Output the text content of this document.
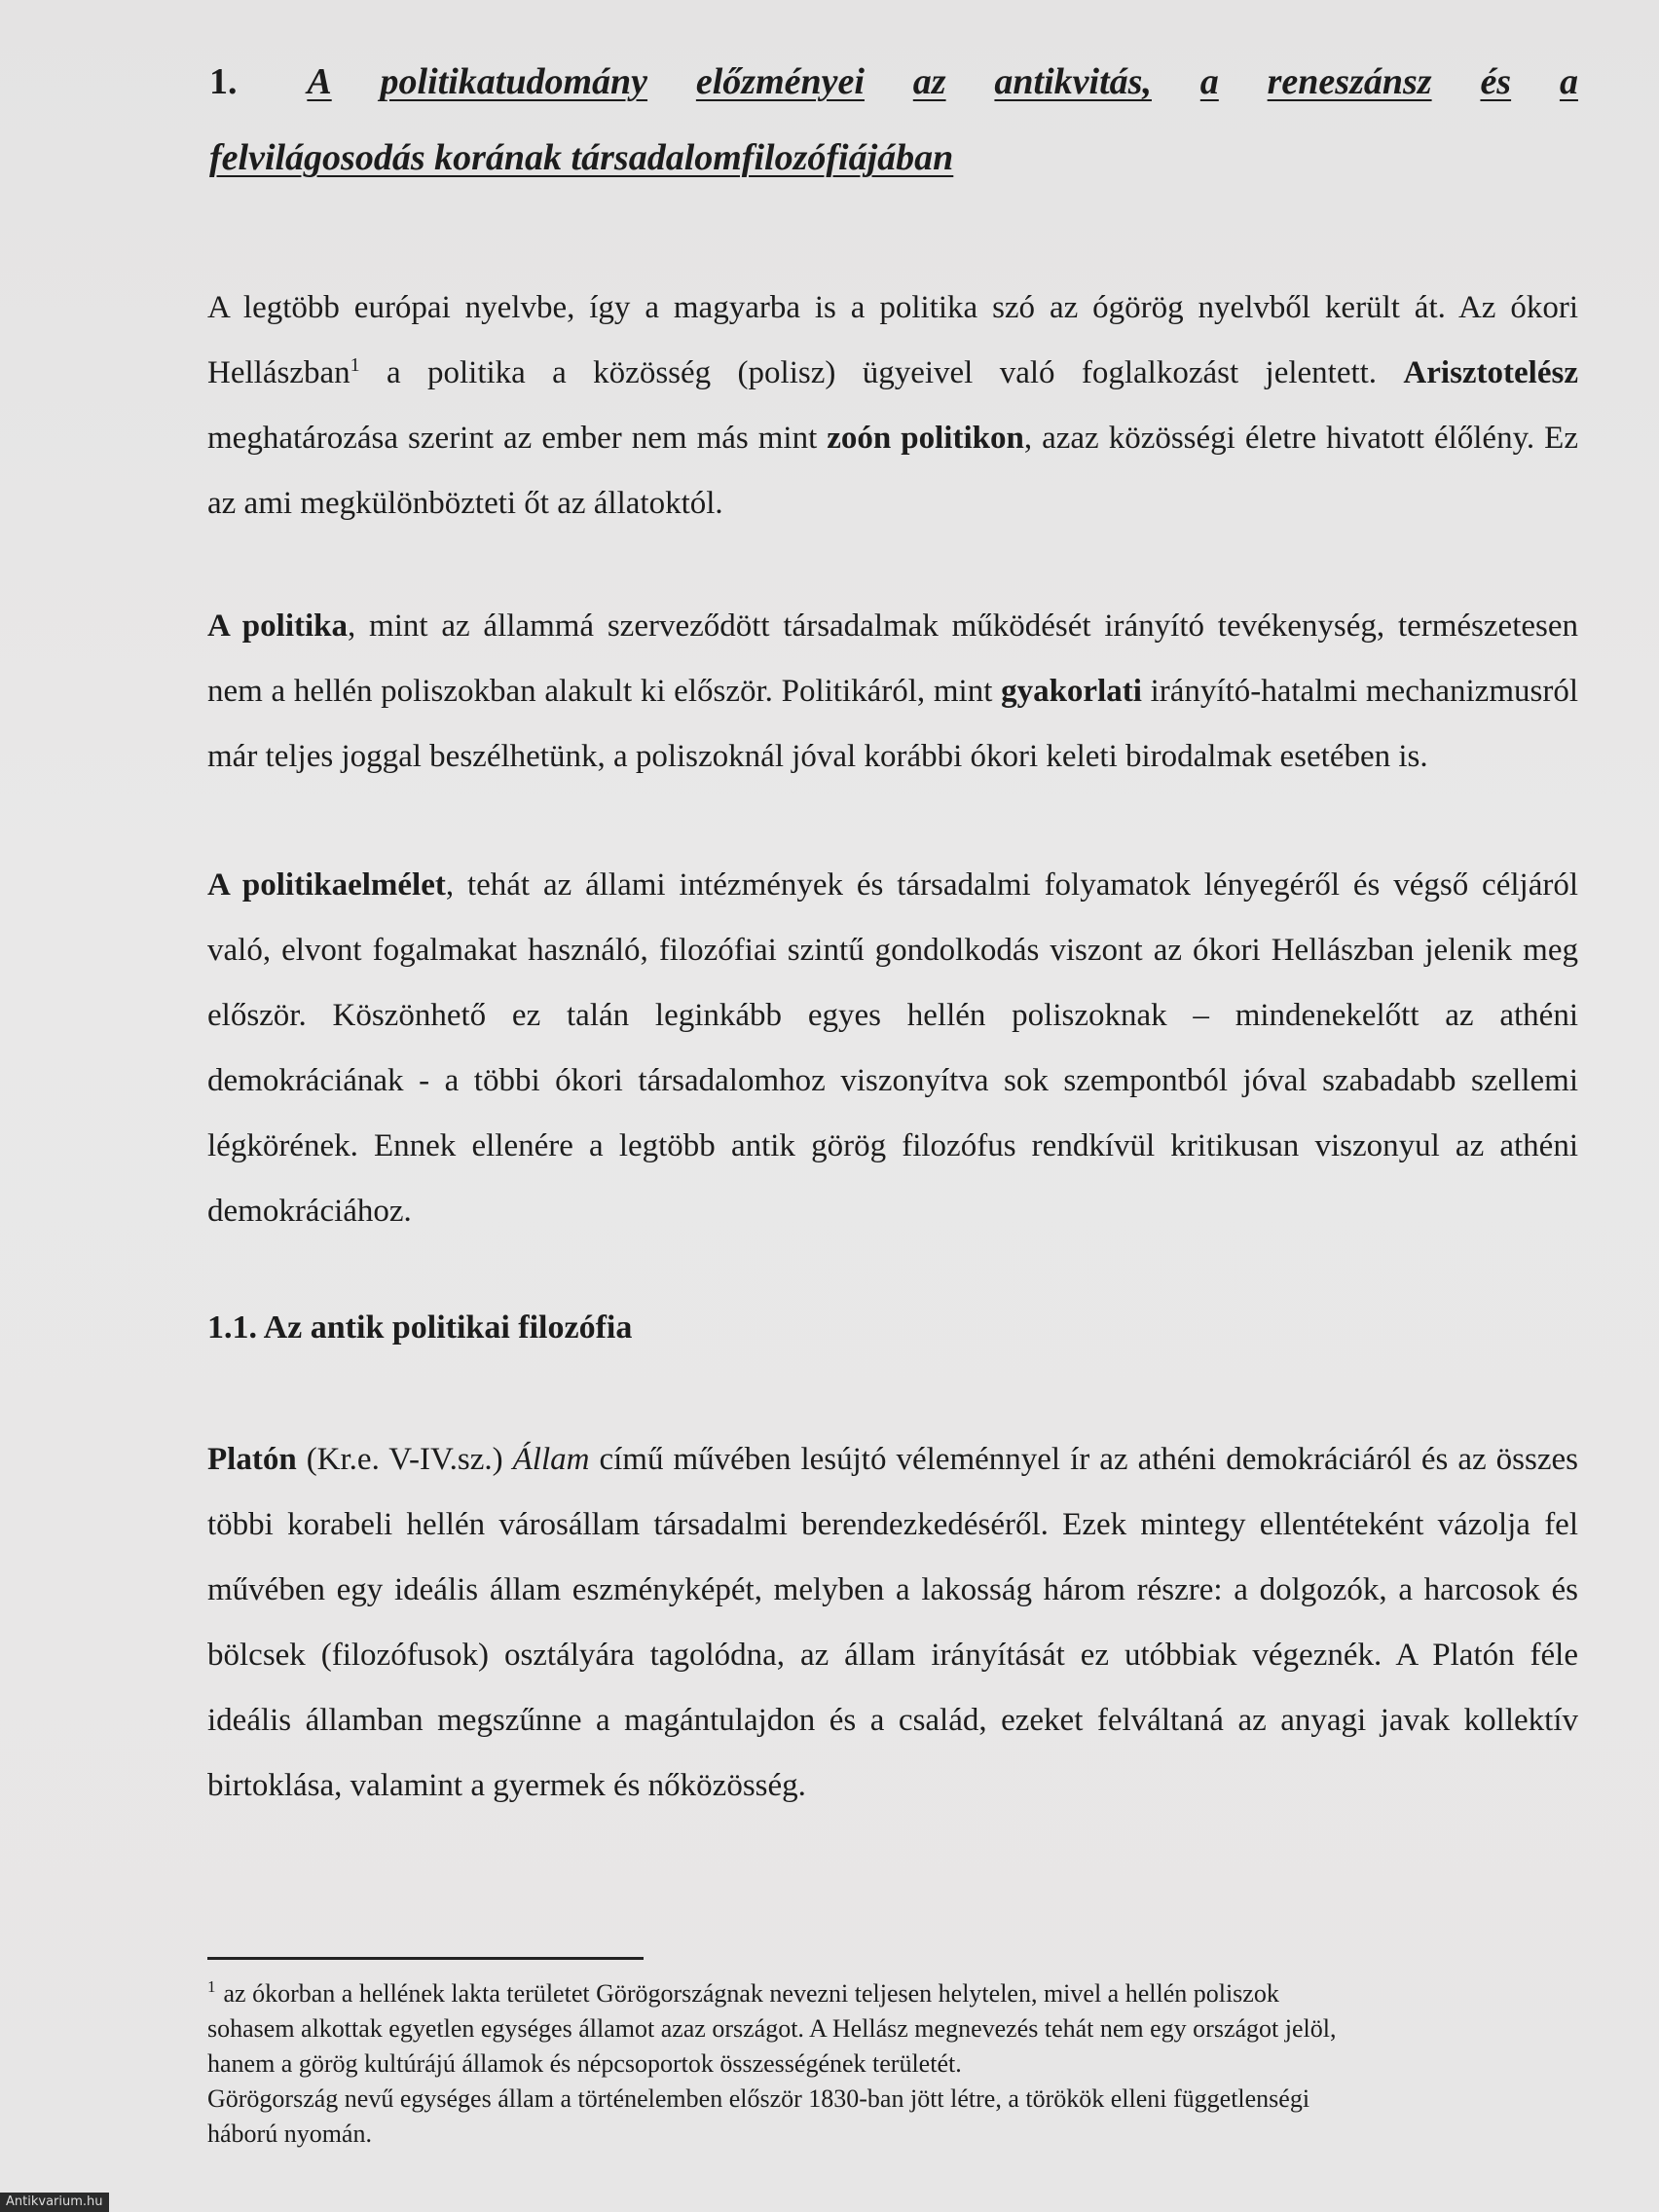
1. A politikatudomány előzményei az antikvitás, a reneszánsz és a
felvilágosodás korának társadalomfilozófiájában
A legtöbb európai nyelvbe, így a magyarba is a politika szó az ógörög nyelvből került át. Az ókori Hellászban$^1$ a politika a közösség (polisz) ügyeivel való foglalkozást jelentett. Arisztotelész meghatározása szerint az ember nem más mint zoón politikon, azaz közösségi életre hivatott élőlény. Ez az ami megkülönbözteti őt az állatoktól.
A politika, mint az állammá szerveződött társadalmak működését irányító tevékenység, természetesen nem a hellén poliszokban alakult ki először. Politikáról, mint gyakorlati irányító-hatalmi mechanizmusról már teljes joggal beszélhetünk, a poliszoknál jóval korábbi ókori keleti birodalmak esetében is.
A politikaelmélet, tehát az állami intézmények és társadalmi folyamatok lényegéről és végső céljáról való, elvont fogalmakat használó, filozófiai szintű gondolkodás viszont az ókori Hellászban jelenik meg először. Köszönhető ez talán leginkább egyes hellén poliszoknak – mindenekelőtt az athéni demokráciának - a többi ókori társadalomhoz viszonyítva sok szempontból jóval szabadabb szellemi légkörének. Ennek ellenére a legtöbb antik görög filozófus rendkívül kritikusan viszonyul az athéni demokráciához.
1.1. Az antik politikai filozófia
Platón (Kr.e. V-IV.sz.) Állam című művében lesújtó véleménnyel ír az athéni demokráciáról és az összes többi korabeli hellén városállam társadalmi berendezkedéséről. Ezek mintegy ellentéteként vázolja fel művében egy ideális állam eszményképét, melyben a lakosság három részre: a dolgozók, a harcosok és bölcsek (filozófusok) osztályára tagolódna, az állam irányítását ez utóbbiak végeznék. A Platón féle ideális államban megszűnne a magántulajdon és a család, ezeket felváltaná az anyagi javak kollektív birtoklása, valamint a gyermek és nőközösség.
$^1$ az ókorban a hellének lakta területet Görögországnak nevezni teljesen helytelen, mivel a hellén poliszok
sohasem alkottak egyetlen egységes államot azaz országot. A Hellász megnevezés tehát nem egy országot jelöl,
hanem a görög kultúrájú államok és népcsoportok összességének területét.
Görögország nevű egységes állam a történelemben először 1830-ban jött létre, a törökök elleni függetlenségi
háború nyomán.
Antikvarium.hu
